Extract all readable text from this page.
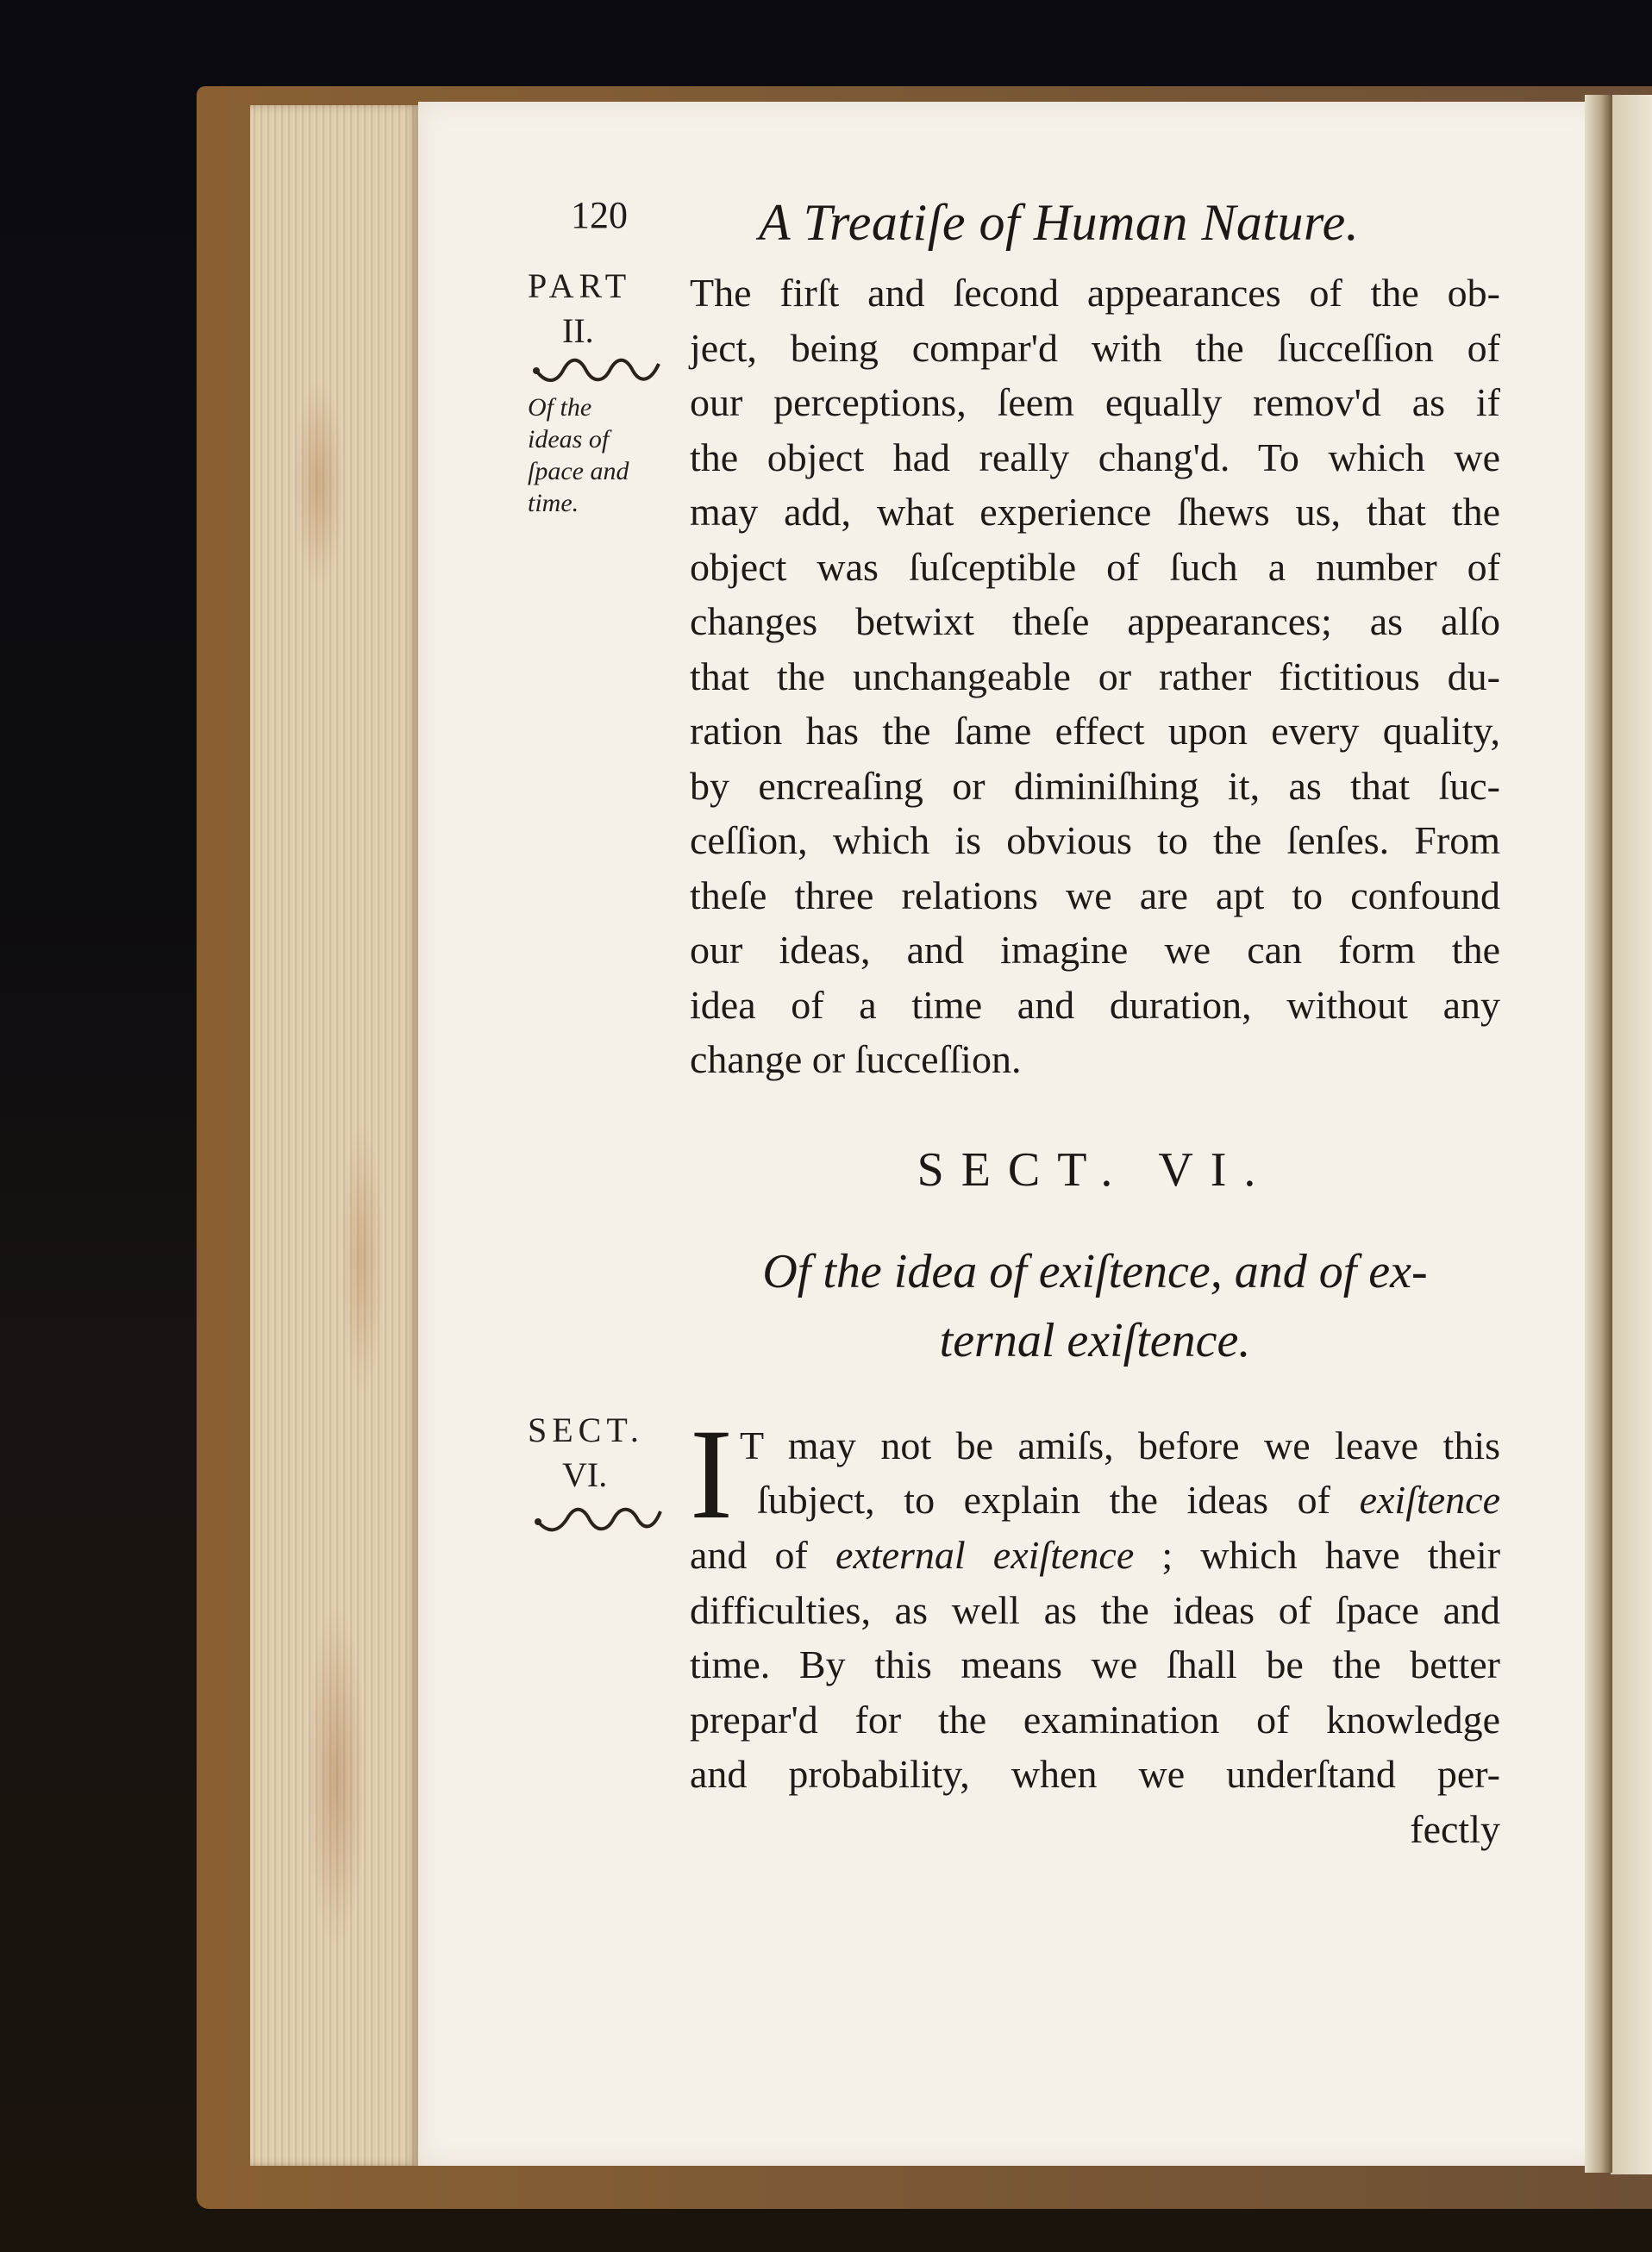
120	A Treatiſe of Human Nature.
PART
II.
Of the
ideas of
ſpace and
time.
The firſt and ſecond appearances of the ob-
ject, being compar'd with the ſucceſſion of
our perceptions, ſeem equally remov'd as if
the object had really chang'd. To which we
may add, what experience ſhews us, that the
object was ſuſceptible of ſuch a number of
changes betwixt theſe appearances; as alſo
that the unchangeable or rather fictitious du-
ration has the ſame effect upon every quality,
by encreaſing or diminiſhing it, as that ſuc-
ceſſion, which is obvious to the ſenſes. From
theſe three relations we are apt to confound
our ideas, and imagine we can form the
idea of a time and duration, without any
change or ſucceſſion.
SECT. VI.
Of the idea of exiſtence, and of ex-
ternal exiſtence.
SECT.
VI. I T may not be amiſs, before we leave this
ſubject, to explain the ideas of exiſtence
and of external exiſtence ; which have their
difficulties, as well as the ideas of ſpace and
time. By this means we ſhall be the better
prepar'd for the examination of knowledge
and probability, when we underſtand per-
fectly
